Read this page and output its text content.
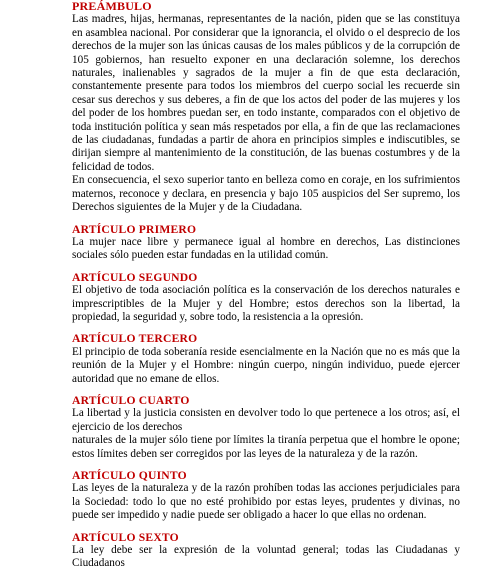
PREÁMBULO

Las madres, hijas, hermanas, representantes de la nación, piden que se las constituya en asamblea nacional. Por considerar que la ignorancia, el olvido o el desprecio de los derechos de la mujer son las únicas causas de los males públicos y de la corrupción de 105 gobiernos, han resuelto exponer en una declaración solemne, los derechos naturales, inalienables y sagrados de la mujer a fin de que esta declaración, constantemente presente para todos los miembros del cuerpo social les recuerde sin cesar sus derechos y sus deberes, a fin de que los actos del poder de las mujeres y los del poder de los hombres puedan ser, en todo instante, comparados con el objetivo de toda institución política y sean más respetados por ella, a fin de que las reclamaciones de las ciudadanas, fundadas a partir de ahora en principios simples e indiscutibles, se dirijan siempre al mantenimiento de la constitución, de las buenas costumbres y de la felicidad de todos.

En consecuencia, el sexo superior tanto en belleza como en coraje, en los sufrimientos maternos, reconoce y declara, en presencia y bajo 105 auspicios del Ser supremo, los Derechos siguientes de la Mujer y de la Ciudadana.

ARTÍCULO PRIMERO

La mujer nace libre y permanece igual al hombre en derechos, Las distinciones sociales sólo pueden estar fundadas en la utilidad común.

ARTÍCULO SEGUNDO

El objetivo de toda asociación política es la conservación de los derechos naturales e imprescriptibles de la Mujer y del Hombre; estos derechos son la libertad, la propiedad, la seguridad y, sobre todo, la resistencia a la opresión.

ARTÍCULO TERCERO

El principio de toda soberanía reside esencialmente en la Nación que no es más que la reunión de la Mujer y el Hombre: ningún cuerpo, ningún individuo, puede ejercer autoridad que no emane de ellos.

ARTÍCULO CUARTO

La libertad y la justicia consisten en devolver todo lo que pertenece a los otros; así, el ejercicio de los derechos

naturales de la mujer sólo tiene por límites la tiranía perpetua que el hombre le opone; estos límites deben ser corregidos por las leyes de la naturaleza y de la razón.

ARTÍCULO QUINTO

Las leyes de la naturaleza y de la razón prohíben todas las acciones perjudiciales para la Sociedad: todo lo que no esté prohibido por estas leyes, prudentes y divinas, no puede ser impedido y nadie puede ser obligado a hacer lo que ellas no ordenan.

ARTÍCULO SEXTO

La ley debe ser la expresión de la voluntad general; todas las Ciudadanas y Ciudadanos
